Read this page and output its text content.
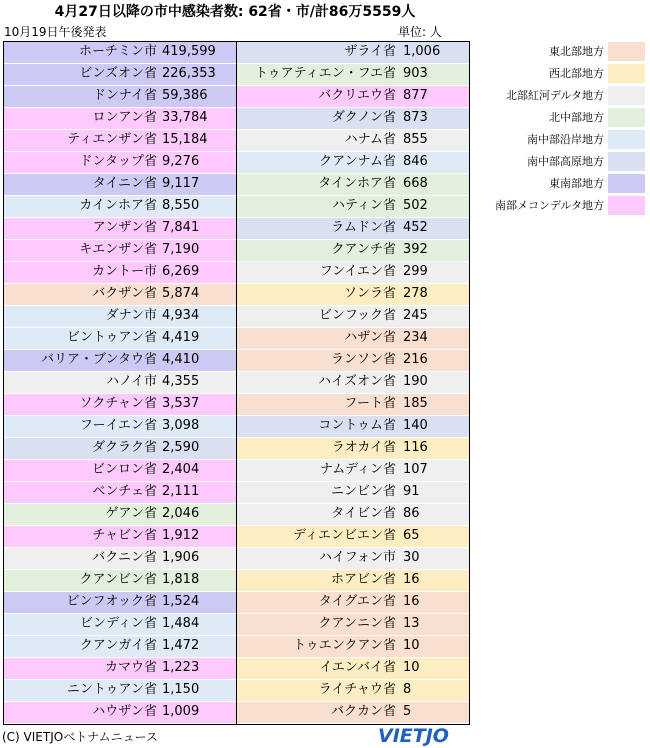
4月27日以降の市中感染者数: 62省・市/計86万5559人
10月19日午後発表	単位: 人
ホーチミン市 419,599
ビンズオン省 226,353
ドンナイ省 59,386
ロンアン省 33,784
ティエンザン省 15,184
ドンタップ省 9,276
タイニン省 9,117
カインホア省 8,550
アンザン省 7,841
キエンザン省 7,190
カントー市 6,269
バクザン省 5,874
ダナン市 4,934
ビントゥアン省 4,419
バリア・ブンタウ省 4,410
ハノイ市 4,355
ソクチャン省 3,537
フーイエン省 3,098
ダクラク省 2,590
ビンロン省 2,404
ベンチェ省 2,111
ゲアン省 2,046
チャビン省 1,912
バクニン省 1,906
クアンビン省 1,818
ビンフオック省 1,524
ビンディン省 1,484
クアンガイ省 1,472
カマウ省 1,223
ニントゥアン省 1,150
ハウザン省 1,009
ザライ省 1,006
トゥアティエン・フエ省 903
バクリエウ省 877
ダクノン省 873
ハナム省 855
クアンナム省 846
タインホア省 668
ハティン省 502
ラムドン省 452
クアンチ省 392
フンイエン省 299
ソンラ省 278
ビンフック省 245
ハザン省 234
ランソン省 216
ハイズオン省 190
フート省 185
コントゥム省 140
ラオカイ省 116
ナムディン省 107
ニンビン省 91
タイビン省 86
ディエンビエン省 65
ハイフォン市 30
ホアビン省 16
タイグエン省 16
クアンニン省 13
トゥエンクアン省 10
イエンバイ省 10
ライチャウ省 8
バクカン省 5
東北部地方
西北部地方
北部紅河デルタ地方
北中部地方
南中部沿岸地方
南中部高原地方
東南部地方
南部メコンデルタ地方
(C) VIETJOベトナムニュース	VIETJO
